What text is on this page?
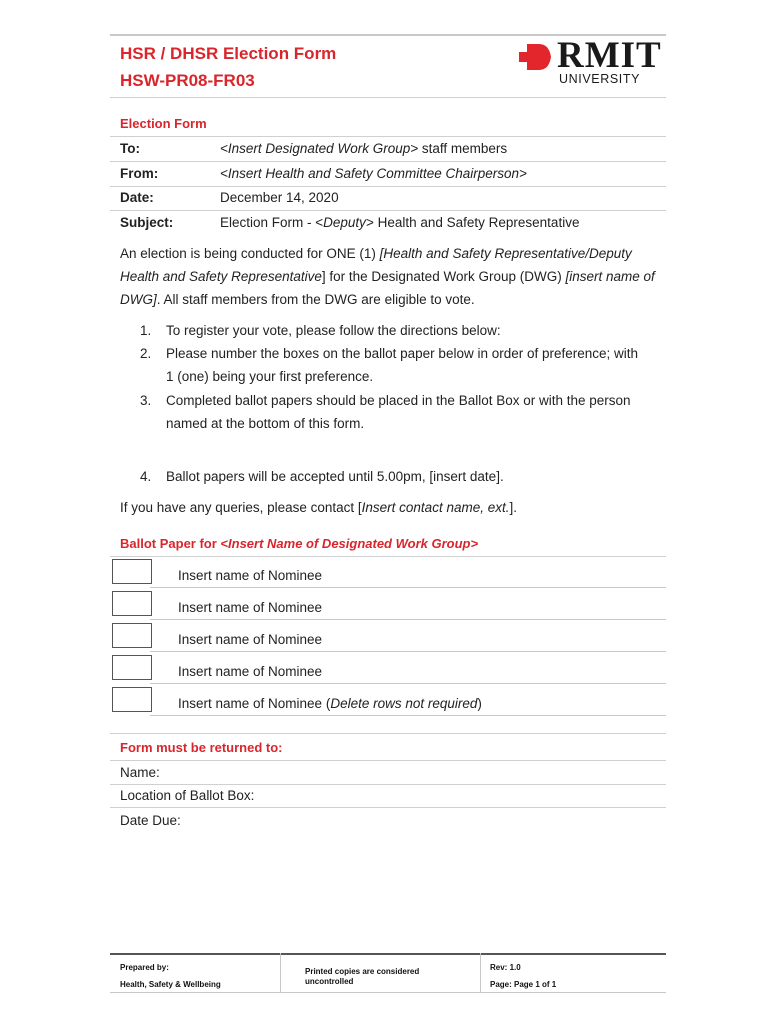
HSR / DHSR Election Form
HSW-PR08-FR03
RMIT
UNIVERSITY
Election Form
To:	<Insert Designated Work Group> staff members
From:	<Insert Health and Safety Committee Chairperson>
Date:	December 14, 2020
Subject:	Election Form - <Deputy> Health and Safety Representative
An election is being conducted for ONE (1) [Health and Safety Representative/Deputy Health and Safety Representative] for the Designated Work Group (DWG) [insert name of DWG]. All staff members from the DWG are eligible to vote.
1. To register your vote, please follow the directions below:
2. Please number the boxes on the ballot paper below in order of preference; with 1 (one) being your first preference.
3. Completed ballot papers should be placed in the Ballot Box or with the person named at the bottom of this form.
4. Ballot papers will be accepted until 5.00pm, [insert date].
If you have any queries, please contact [Insert contact name, ext.].
Ballot Paper for <Insert Name of Designated Work Group>
Insert name of Nominee
Insert name of Nominee
Insert name of Nominee
Insert name of Nominee
Insert name of Nominee (Delete rows not required)
Form must be returned to:
Name:
Location of Ballot Box:
Date Due:
Prepared by:
Health, Safety & Wellbeing
Printed copies are considered uncontrolled
Rev: 1.0
Page: Page 1 of 1
